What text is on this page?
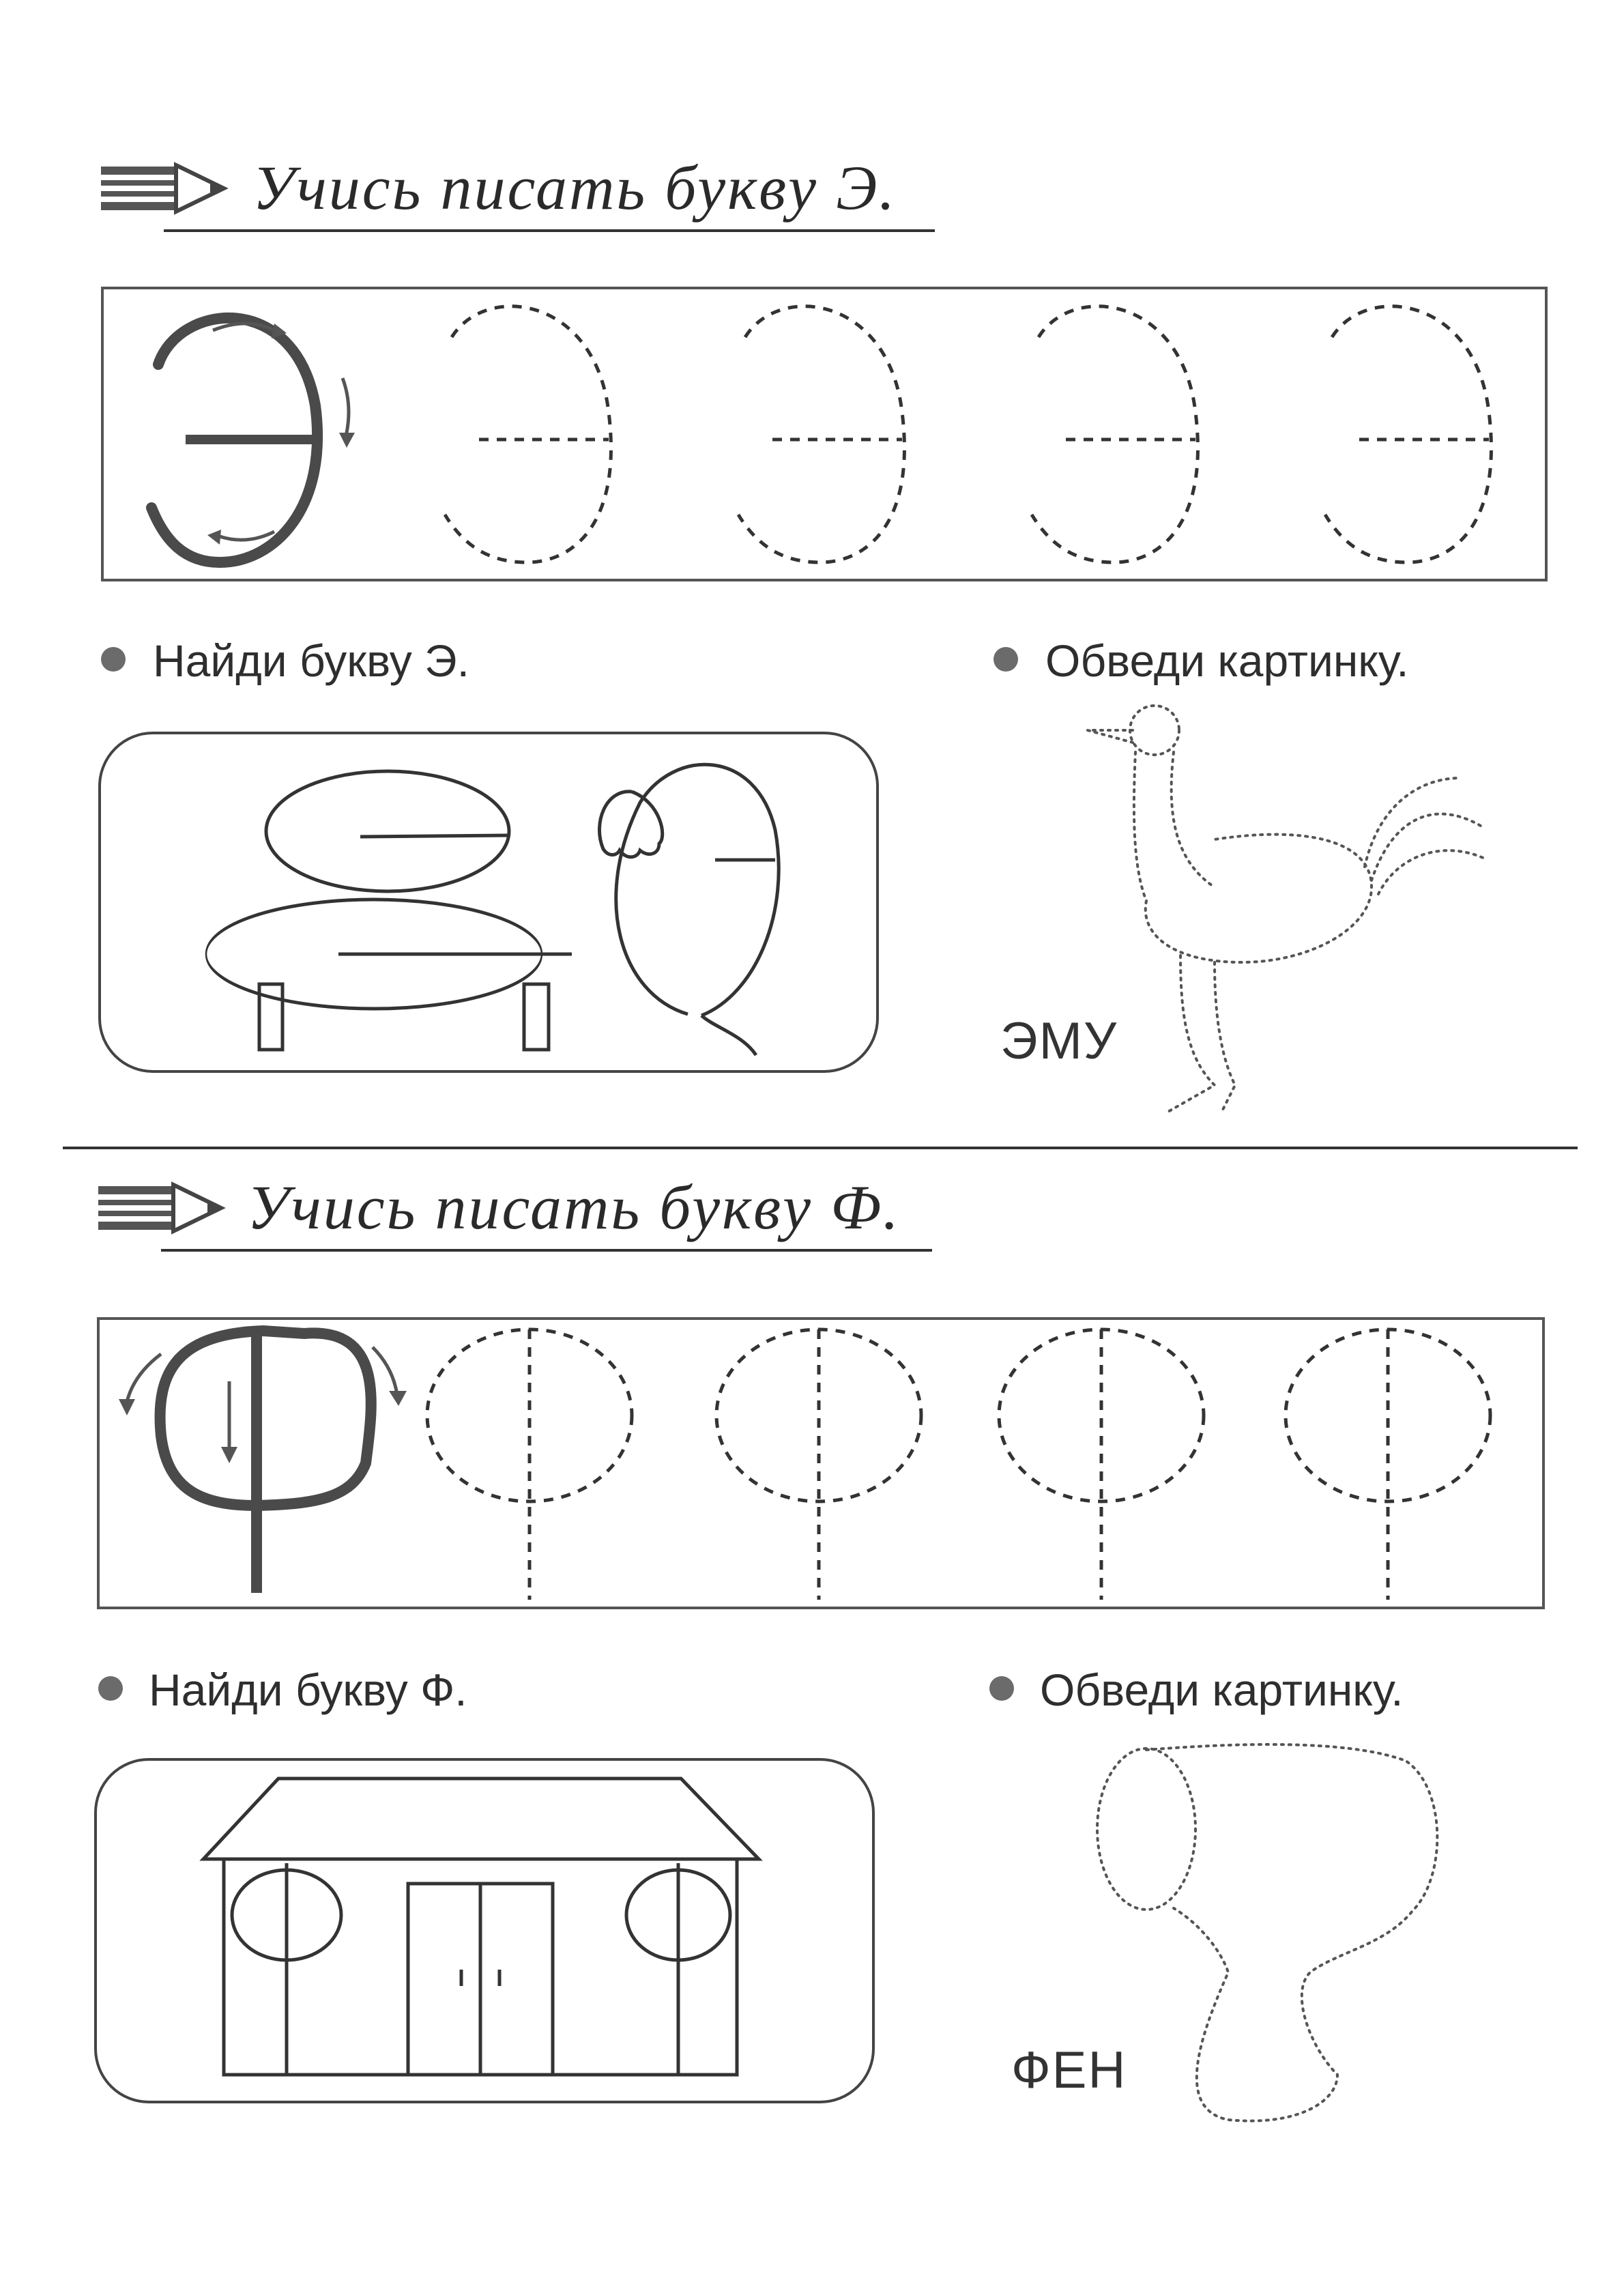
Учись писать букву Э.
Найди букву Э.	Обведи картинку.
ЭМУ
Учись писать букву Ф.
Найди букву Ф.	Обведи картинку.
ФЕН
